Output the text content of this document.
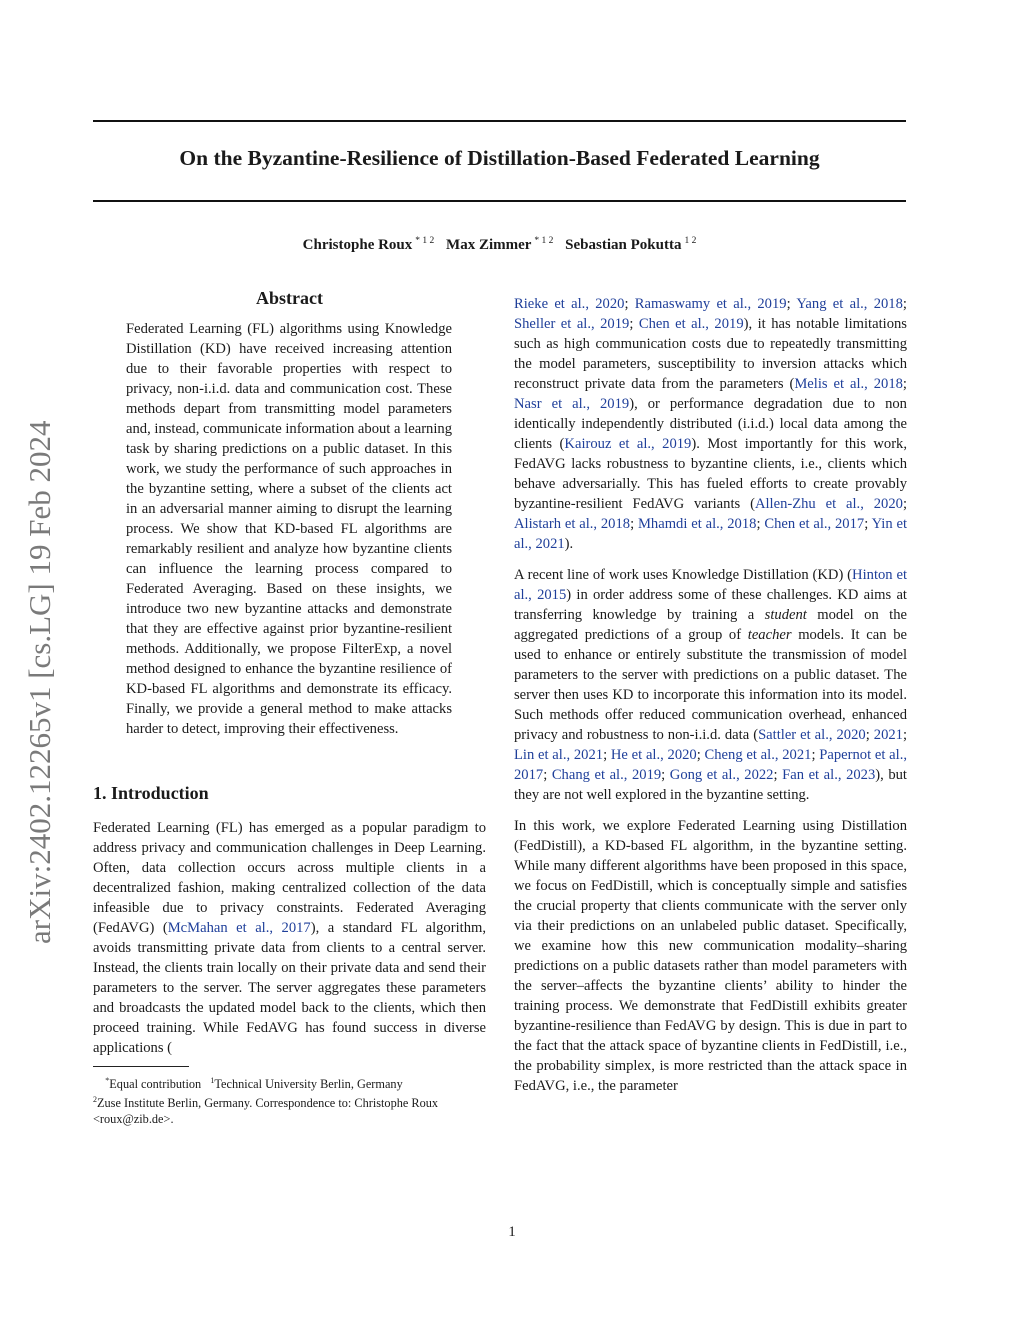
On the Byzantine-Resilience of Distillation-Based Federated Learning
Christophe Roux $^{* 1 2}$ Max Zimmer $^{* 1 2}$ Sebastian Pokutta $^{1 2}$
arXiv:2402.12265v1 [cs.LG] 19 Feb 2024
Abstract

Federated Learning (FL) algorithms using Knowledge Distillation (KD) have received increasing attention due to their favorable properties with respect to privacy, non-i.i.d. data and communication cost. These methods depart from transmitting model parameters and, instead, communicate information about a learning task by sharing predictions on a public dataset. In this work, we study the performance of such approaches in the byzantine setting, where a subset of the clients act in an adversarial manner aiming to disrupt the learning process. We show that KD-based FL algorithms are remarkably resilient and analyze how byzantine clients can influence the learning process compared to Federated Averaging. Based on these insights, we introduce two new byzantine attacks and demonstrate that they are effective against prior byzantine-resilient methods. Additionally, we propose FilterExp, a novel method designed to enhance the byzantine resilience of KD-based FL algorithms and demonstrate its efficacy. Finally, we provide a general method to make attacks harder to detect, improving their effectiveness.

1. Introduction

Federated Learning (FL) has emerged as a popular paradigm to address privacy and communication challenges in Deep Learning. Often, data collection occurs across multiple clients in a decentralized fashion, making centralized collection of the data infeasible due to privacy constraints. Federated Averaging (FedAVG) (McMahan et al., 2017), a standard FL algorithm, avoids transmitting private data from clients to a central server. Instead, the clients train locally on their private data and send their parameters to the server. The server aggregates these parameters and broadcasts the updated model back to the clients, which then proceed training. While FedAVG has found success in diverse applications (

*Equal contribution $^1$Technical University Berlin, Germany
$^2$Zuse Institute Berlin, Germany. Correspondence to: Christophe Roux <roux@zib.de>.

Rieke et al., 2020; Ramaswamy et al., 2019; Yang et al., 2018; Sheller et al., 2019; Chen et al., 2019), it has notable limitations such as high communication costs due to repeatedly transmitting the model parameters, susceptibility to inversion attacks which reconstruct private data from the parameters (Melis et al., 2018; Nasr et al., 2019), or performance degradation due to non identically independently distributed (i.i.d.) local data among the clients (Kairouz et al., 2019). Most importantly for this work, FedAVG lacks robustness to byzantine clients, i.e., clients which behave adversarially. This has fueled efforts to create provably byzantine-resilient FedAVG variants (Allen-Zhu et al., 2020; Alistarh et al., 2018; Mhamdi et al., 2018; Chen et al., 2017; Yin et al., 2021).

A recent line of work uses Knowledge Distillation (KD) (Hinton et al., 2015) in order address some of these challenges. KD aims at transferring knowledge by training a student model on the aggregated predictions of a group of teacher models. It can be used to enhance or entirely substitute the transmission of model parameters to the server with predictions on a public dataset. The server then uses KD to incorporate this information into its model. Such methods offer reduced communication overhead, enhanced privacy and robustness to non-i.i.d. data (Sattler et al., 2020; 2021; Lin et al., 2021; He et al., 2020; Cheng et al., 2021; Papernot et al., 2017; Chang et al., 2019; Gong et al., 2022; Fan et al., 2023), but they are not well explored in the byzantine setting.

In this work, we explore Federated Learning using Distillation (FedDistill), a KD-based FL algorithm, in the byzantine setting. While many different algorithms have been proposed in this space, we focus on FedDistill, which is conceptually simple and satisfies the crucial property that clients communicate with the server only via their predictions on an unlabeled public dataset. Specifically, we examine how this new communication modality–sharing predictions on a public datasets rather than model parameters with the server–affects the byzantine clients’ ability to hinder the training process. We demonstrate that FedDistill exhibits greater byzantine-resilience than FedAVG by design. This is due in part to the fact that the attack space of byzantine clients in FedDistill, i.e., the probability simplex, is more restricted than the attack space in FedAVG, i.e., the parameter

1
